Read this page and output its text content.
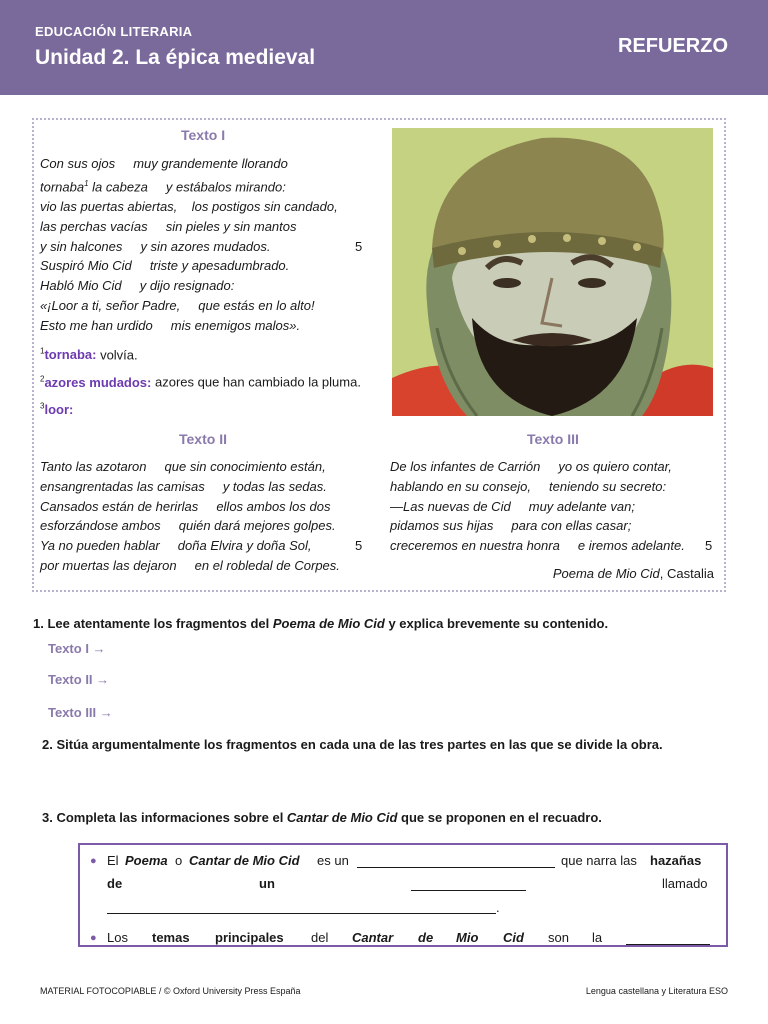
EDUCACIÓN LITERARIA
Unidad 2. La épica medieval	REFUERZO
Texto I
Con sus ojos     muy grandemente llorando
tornaba$^1$ la cabeza     y estábalos mirando:
vio las puertas abiertas,    los postigos sin candado,
las perchas vacías     sin pieles y sin mantos
y sin halcones     y sin azores mudados.	5
Suspiró Mio Cid     triste y apesadumbrado.
Habló Mio Cid     y dijo resignado:
«¡Loor a ti, señor Padre,     que estás en lo alto!
Esto me han urdido     mis enemigos malos».
$^1$tornaba: volvía.
$^2$azores mudados: azores que han cambiado la pluma.
$^3$loor:
Texto II
Tanto las azotaron     que sin conocimiento están,
ensangrentadas las camisas     y todas las sedas.
Cansados están de herirlas     ellos ambos los dos
esforzándose ambos     quién dará mejores golpes.
Ya no pueden hablar     doña Elvira y doña Sol,	5
por muertas las dejaron     en el robledal de Corpes.
Texto III
De los infantes de Carrión     yo os quiero contar,
hablando en su consejo,     teniendo su secreto:
—Las nuevas de Cid     muy adelante van;
pidamos sus hijas     para con ellas casar;
creceremos en nuestra honra     e iremos adelante. 5
Poema de Mio Cid, Castalia
1. Lee atentamente los fragmentos del Poema de Mio Cid y explica brevemente su contenido.
Texto I →
Texto II →
Texto III →
2. Sitúa argumentalmente los fragmentos en cada una de las tres partes en las que se divide la obra.
3. Completa las informaciones sobre el Cantar de Mio Cid que se proponen en el recuadro.
● El Poema o Cantar de Mio Cid es un	que narra las hazañas
de	un	llamado
.
● Los temas principales del Cantar de Mio Cid son la
MATERIAL FOTOCOPIABLE / © Oxford University Press España	Lengua castellana y Literatura ESO
